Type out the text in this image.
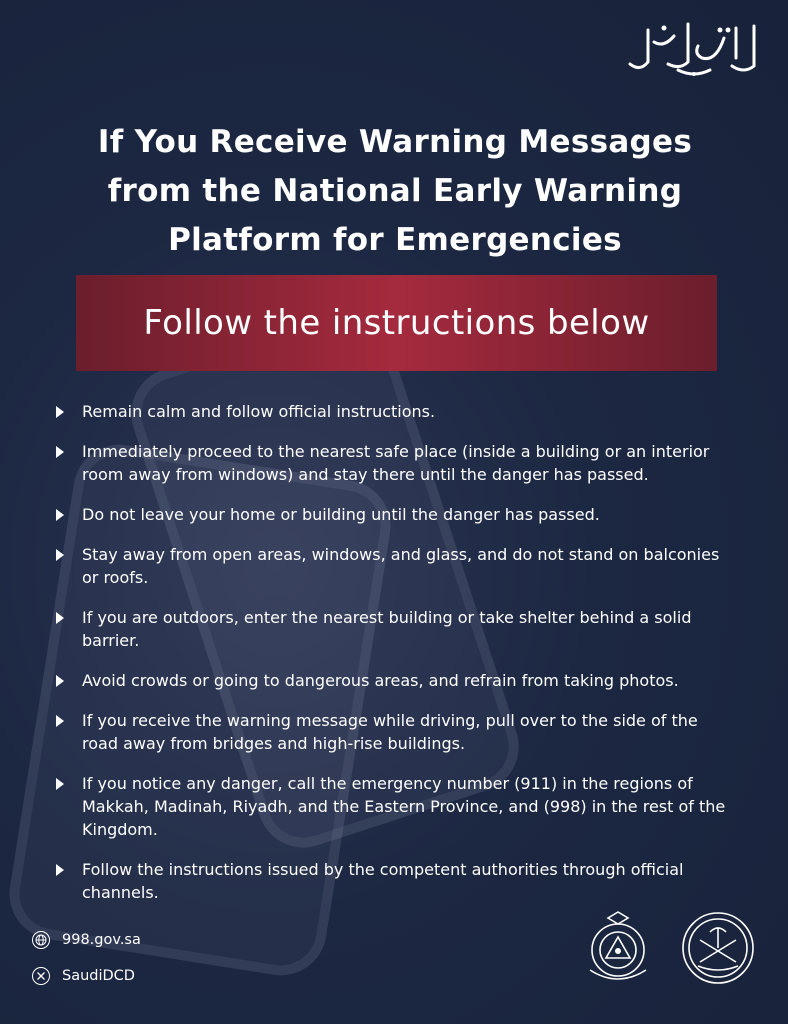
If You Receive Warning Messages
from the National Early Warning
Platform for Emergencies
Follow the instructions below
Remain calm and follow official instructions.
Immediately proceed to the nearest safe place (inside a building or an interior room away from windows) and stay there until the danger has passed.
Do not leave your home or building until the danger has passed.
Stay away from open areas, windows, and glass, and do not stand on balconies or roofs.
If you are outdoors, enter the nearest building or take shelter behind a solid barrier.
Avoid crowds or going to dangerous areas, and refrain from taking photos.
If you receive the warning message while driving, pull over to the side of the road away from bridges and high-rise buildings.
If you notice any danger, call the emergency number (911) in the regions of Makkah, Madinah, Riyadh, and the Eastern Province, and (998) in the rest of the Kingdom.
Follow the instructions issued by the competent authorities through official channels.
998.gov.sa
SaudiDCD
